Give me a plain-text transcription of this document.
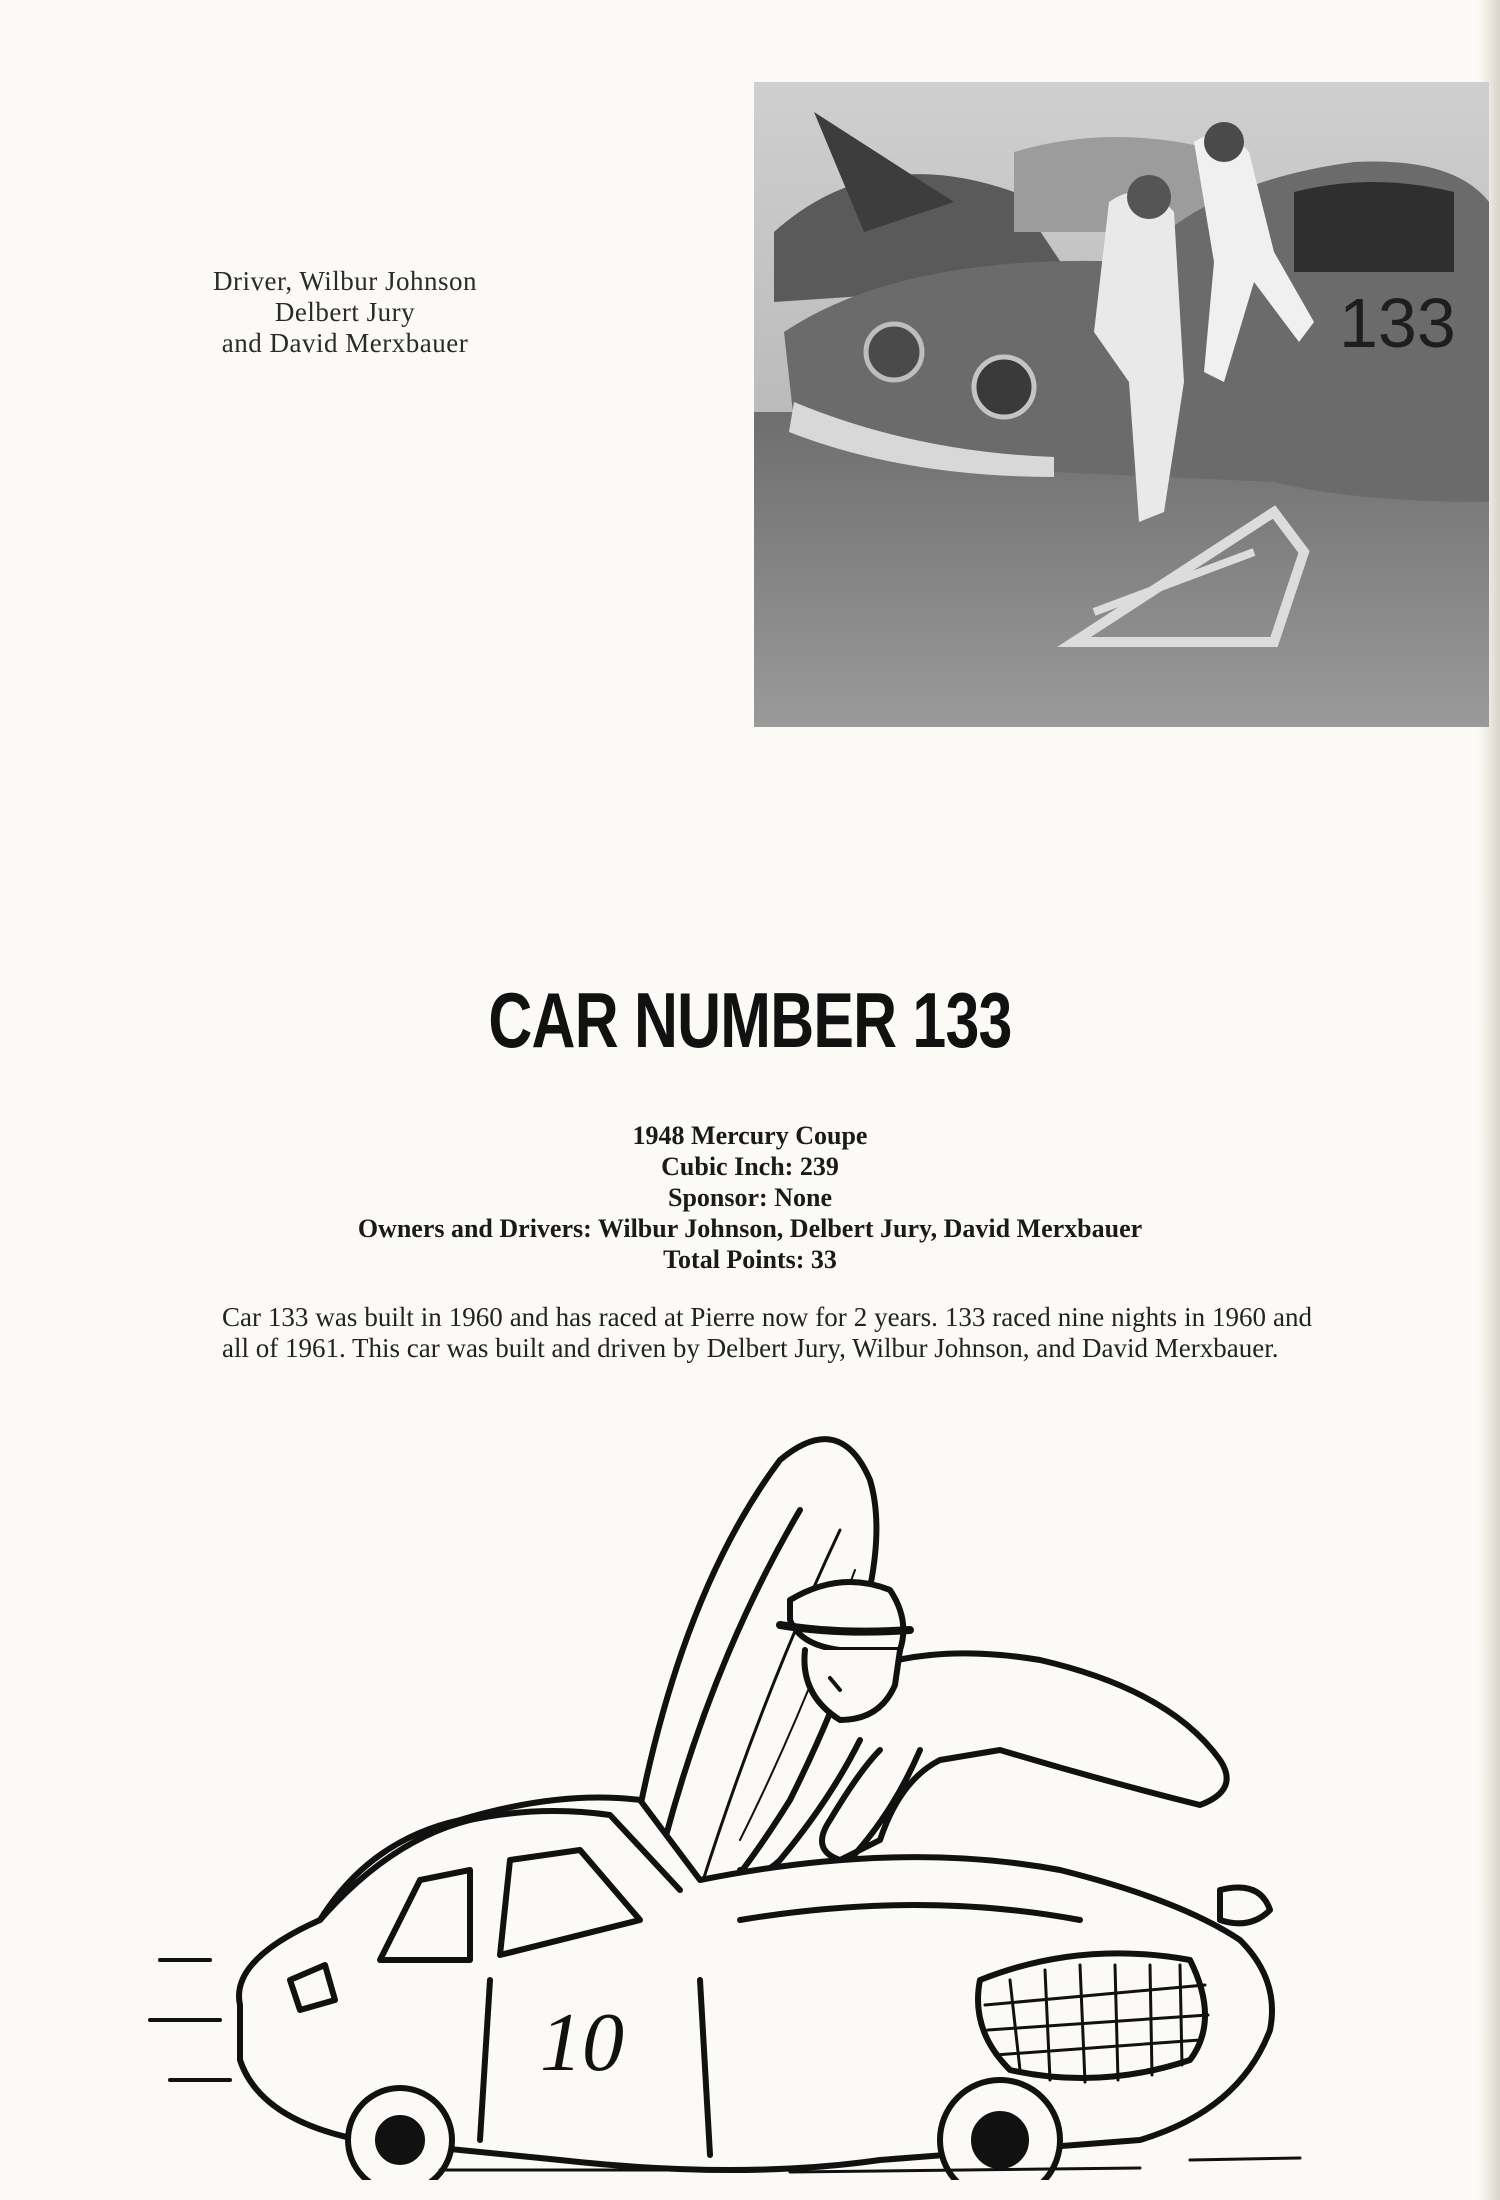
Driver, Wilbur Johnson
Delbert Jury
and David Merxbauer	133
CAR NUMBER 133
1948 Mercury Coupe
Cubic Inch: 239
Sponsor: None
Owners and Drivers: Wilbur Johnson, Delbert Jury, David Merxbauer
Total Points: 33
Car 133 was built in 1960 and has raced at Pierre now for 2 years. 133 raced nine nights in 1960 and all of 1961. This car was built and driven by Delbert Jury, Wilbur Johnson, and David Merxbauer.
10
